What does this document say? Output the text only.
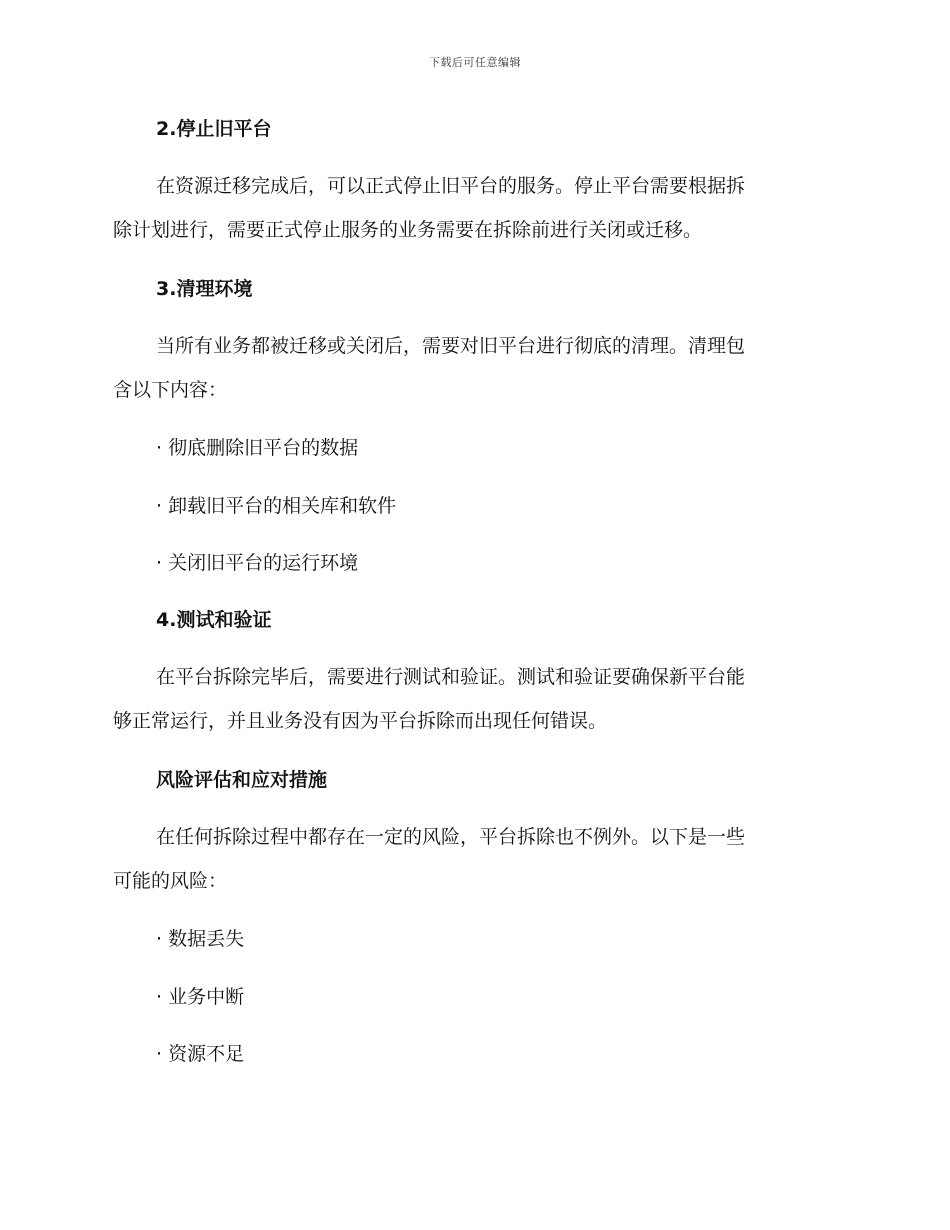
下载后可任意编辑
2.停止旧平台
在资源迁移完成后，可以正式停止旧平台的服务。停止平台需要根据拆
除计划进行，需要正式停止服务的业务需要在拆除前进行关闭或迁移。
3.清理环境
当所有业务都被迁移或关闭后，需要对旧平台进行彻底的清理。清理包
含以下内容：
· 彻底删除旧平台的数据
· 卸载旧平台的相关库和软件
· 关闭旧平台的运行环境
4.测试和验证
在平台拆除完毕后，需要进行测试和验证。测试和验证要确保新平台能
够正常运行，并且业务没有因为平台拆除而出现任何错误。
风险评估和应对措施
在任何拆除过程中都存在一定的风险，平台拆除也不例外。以下是一些
可能的风险：
· 数据丢失
· 业务中断
· 资源不足
